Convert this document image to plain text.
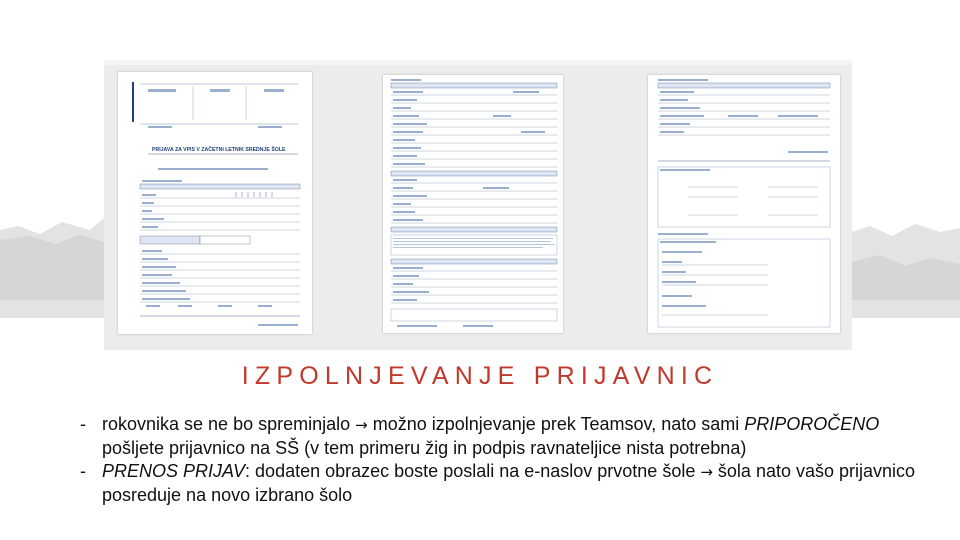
PRIJAVA ZA VPIS V ZAČETNI LETNIK SREDNJE ŠOLE
IZPOLNJEVANJE PRIJAVNIC
- rokovnika se ne bo spreminjalo → možno izpolnjevanje prek Teamsov, nato sami PRIPOROČENO pošljete prijavnico na SŠ (v tem primeru žig in podpis ravnateljice nista potrebna)
- PRENOS PRIJAV: dodaten obrazec boste poslali na e-naslov prvotne šole → šola nato vašo prijavnico posreduje na novo izbrano šolo
